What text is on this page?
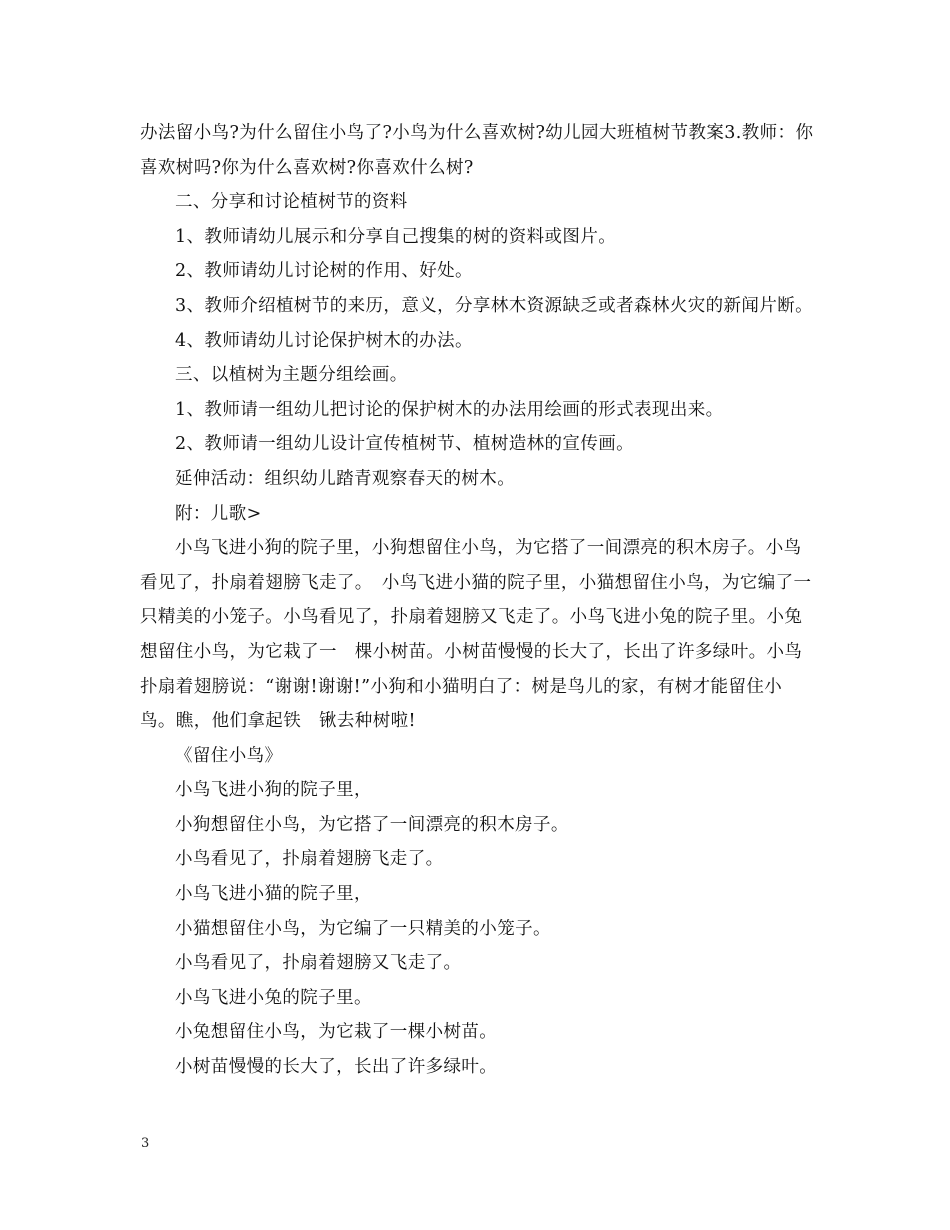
办法留小鸟?为什么留住小鸟了?小鸟为什么喜欢树?幼儿园大班植树节教案3.教师：你喜欢树吗?你为什么喜欢树?你喜欢什么树?

二、分享和讨论植树节的资料

1、教师请幼儿展示和分享自己搜集的树的资料或图片。

2、教师请幼儿讨论树的作用、好处。

3、教师介绍植树节的来历，意义，分享林木资源缺乏或者森林火灾的新闻片断。

4、教师请幼儿讨论保护树木的办法。

三、以植树为主题分组绘画。

1、教师请一组幼儿把讨论的保护树木的办法用绘画的形式表现出来。

2、教师请一组幼儿设计宣传植树节、植树造林的宣传画。

延伸活动：组织幼儿踏青观察春天的树木。

附：儿歌>

小鸟飞进小狗的院子里，小狗想留住小鸟，为它搭了一间漂亮的积木房子。小鸟看见了，扑扇着翅膀飞走了。　小鸟飞进小猫的院子里，小猫想留住小鸟，为它编了一只精美的小笼子。小鸟看见了，扑扇着翅膀又飞走了。小鸟飞进小兔的院子里。小兔想留住小鸟，为它栽了一　棵小树苗。小树苗慢慢的长大了，长出了许多绿叶。小鸟扑扇着翅膀说：“谢谢!谢谢!”小狗和小猫明白了：树是鸟儿的家，有树才能留住小鸟。瞧，他们拿起铁　锹去种树啦!

《留住小鸟》

小鸟飞进小狗的院子里，

小狗想留住小鸟，为它搭了一间漂亮的积木房子。

小鸟看见了，扑扇着翅膀飞走了。

小鸟飞进小猫的院子里，

小猫想留住小鸟，为它编了一只精美的小笼子。

小鸟看见了，扑扇着翅膀又飞走了。

小鸟飞进小兔的院子里。

小兔想留住小鸟，为它栽了一棵小树苗。

小树苗慢慢的长大了，长出了许多绿叶。

3
